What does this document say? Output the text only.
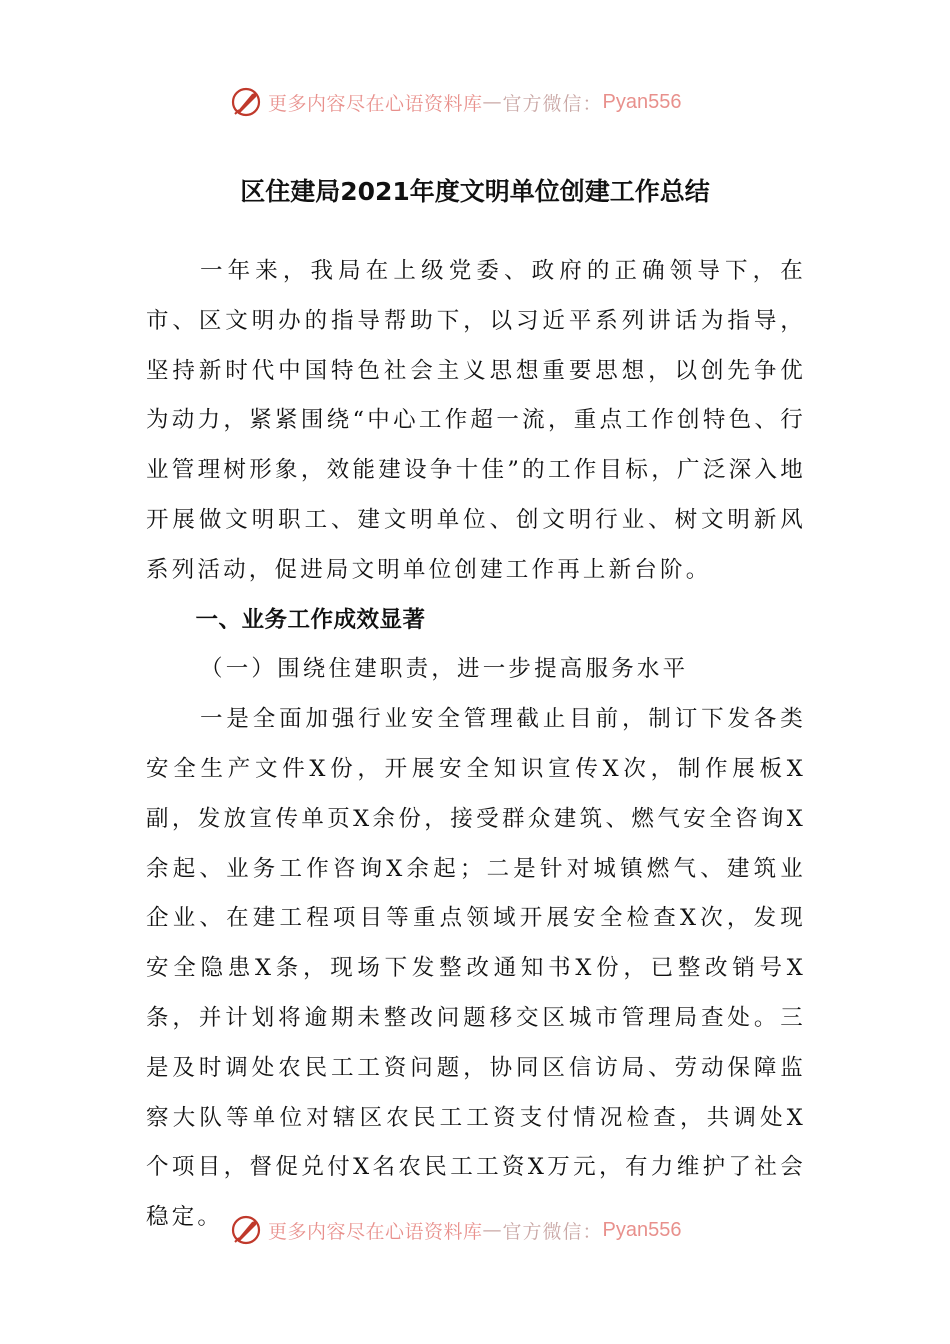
更多内容尽在心语资料库 — 官方微信： Pyan556
区住建局2021年度文明单位创建工作总结

一年来，我局在上级党委、政府的正确领导下，在市、区文明办的指导帮助下，以习近平系列讲话为指导，坚持新时代中国特色社会主义思想重要思想，以创先争优为动力，紧紧围绕“中心工作超一流，重点工作创特色、行业管理树形象，效能建设争十佳”的工作目标，广泛深入地开展做文明职工、建文明单位、创文明行业、树文明新风系列活动，促进局文明单位创建工作再上新台阶。

一、业务工作成效显著

（一）围绕住建职责，进一步提高服务水平

一是全面加强行业安全管理截止目前，制订下发各类安全生产文件X份，开展安全知识宣传X次，制作展板X副，发放宣传单页X余份，接受群众建筑、燃气安全咨询X余起、业务工作咨询X余起；二是针对城镇燃气、建筑业企业、在建工程项目等重点领域开展安全检查X次，发现安全隐患X条，现场下发整改通知书X份，已整改销号X条，并计划将逾期未整改问题移交区城市管理局查处。三是及时调处农民工工资问题，协同区信访局、劳动保障监察大队等单位对辖区农民工工资支付情况检查，共调处X个项目，督促兑付X名农民工工资X万元，有力维护了社会稳定。

更多内容尽在心语资料库 — 官方微信： Pyan556
